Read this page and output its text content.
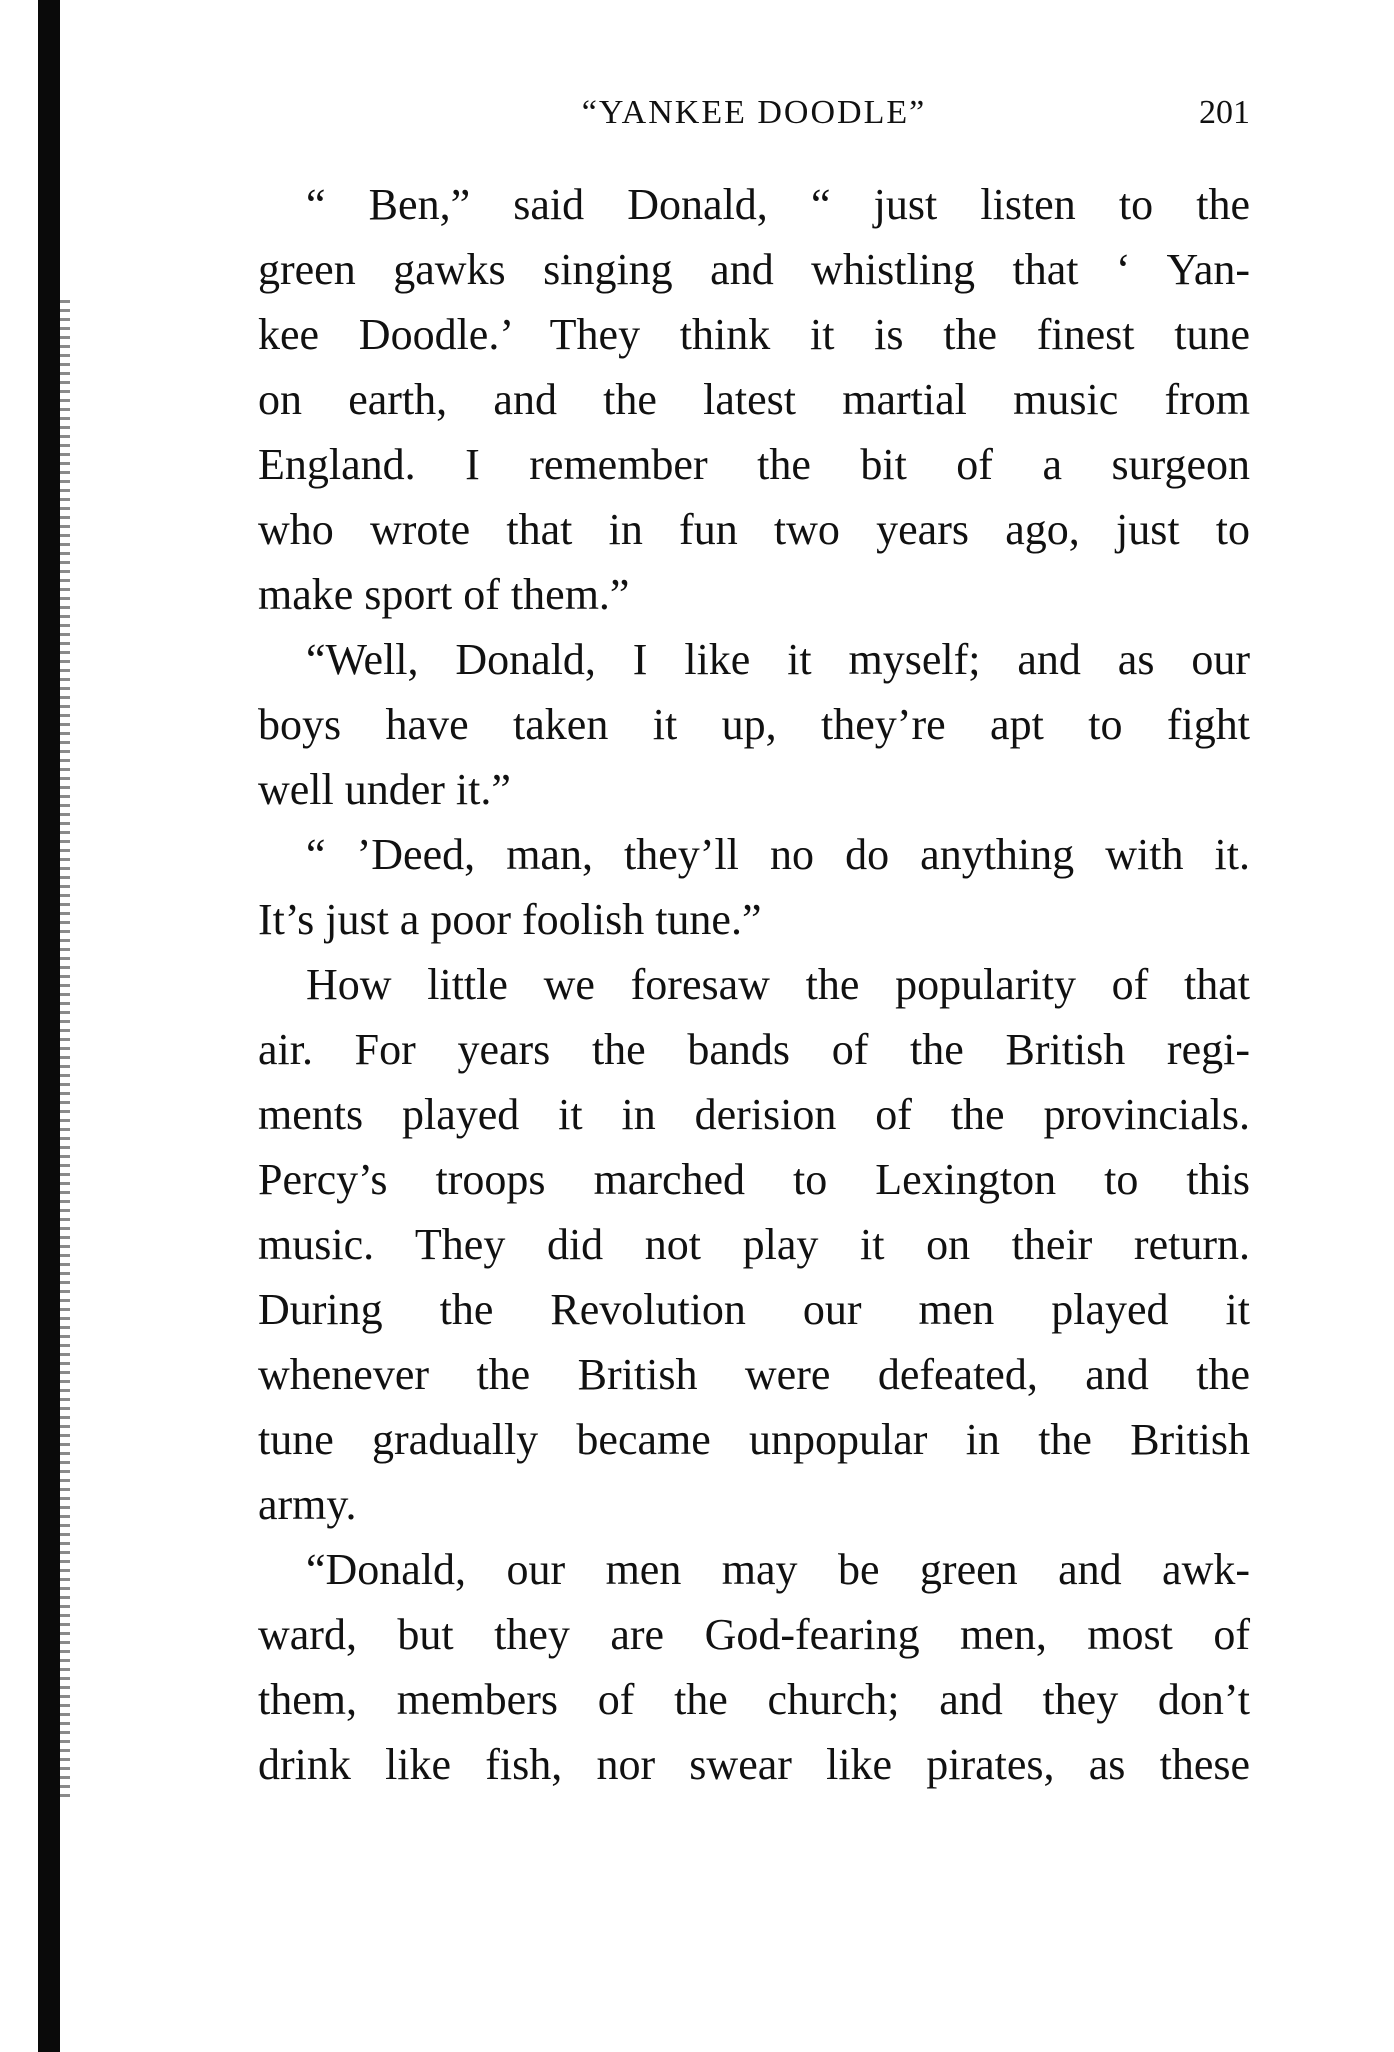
“YANKEE DOODLE”	201
“ Ben,” said Donald, “ just listen to the
green gawks singing and whistling that ‘ Yan-
kee Doodle.’ They think it is the finest tune
on earth, and the latest martial music from
England. I remember the bit of a surgeon
who wrote that in fun two years ago, just to
make sport of them.”
“Well, Donald, I like it myself; and as our
boys have taken it up, they’re apt to fight
well under it.”
“ ’Deed, man, they’ll no do anything with it.
It’s just a poor foolish tune.”
How little we foresaw the popularity of that
air. For years the bands of the British regi-
ments played it in derision of the provincials.
Percy’s troops marched to Lexington to this
music. They did not play it on their return.
During the Revolution our men played it
whenever the British were defeated, and the
tune gradually became unpopular in the British
army.
“Donald, our men may be green and awk-
ward, but they are God-fearing men, most of
them, members of the church; and they don’t
drink like fish, nor swear like pirates, as these
